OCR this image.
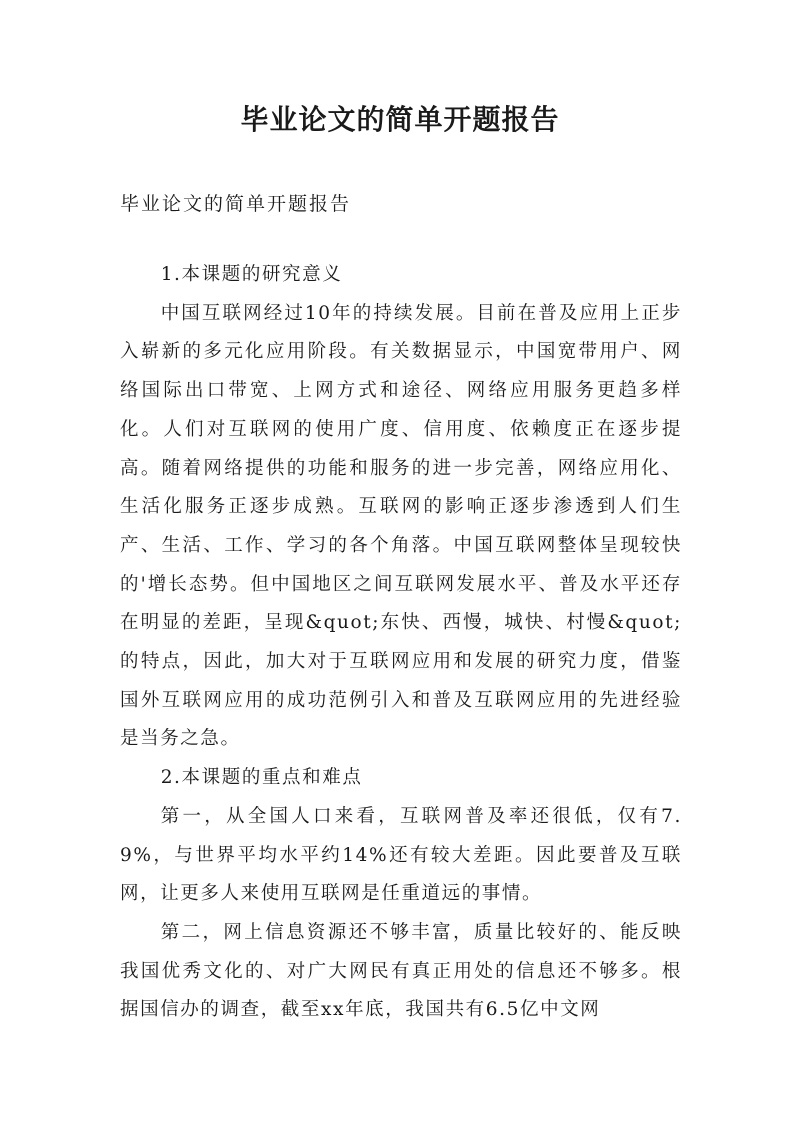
毕业论文的简单开题报告
毕业论文的简单开题报告

1.本课题的研究意义

中国互联网经过10年的持续发展。目前在普及应用上正步入崭新的多元化应用阶段。有关数据显示，中国宽带用户、网络国际出口带宽、上网方式和途径、网络应用服务更趋多样化。人们对互联网的使用广度、信用度、依赖度正在逐步提高。随着网络提供的功能和服务的进一步完善，网络应用化、生活化服务正逐步成熟。互联网的影响正逐步渗透到人们生产、生活、工作、学习的各个角落。中国互联网整体呈现较快的'增长态势。但中国地区之间互联网发展水平、普及水平还存在明显的差距，呈现&quot;东快、西慢，城快、村慢&quot;的特点，因此，加大对于互联网应用和发展的研究力度，借鉴国外互联网应用的成功范例引入和普及互联网应用的先进经验是当务之急。

2.本课题的重点和难点

第一，从全国人口来看，互联网普及率还很低，仅有7.9%，与世界平均水平约14%还有较大差距。因此要普及互联网，让更多人来使用互联网是任重道远的事情。

第二，网上信息资源还不够丰富，质量比较好的、能反映我国优秀文化的、对广大网民有真正用处的信息还不够多。根据国信办的调查，截至xx年底，我国共有6.5亿中文网
